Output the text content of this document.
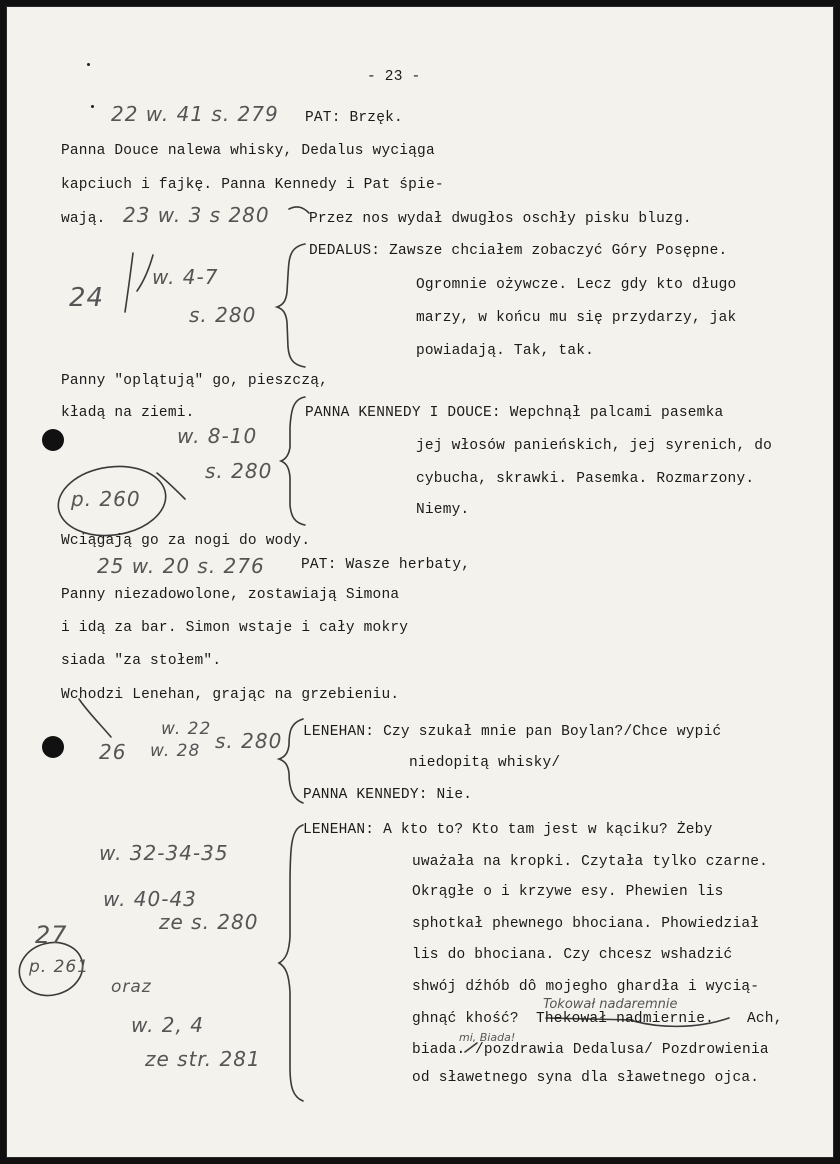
- 23 -
PAT: Brzęk.
Panna Douce nalewa whisky, Dedalus wyciąga
kapciuch i fajkę. Panna Kennedy i Pat śpie-
wają.	Przez nos wydał dwugłos oschły pisku bluzg.
DEDALUS: Zawsze chciałem zobaczyć Góry Posępne.
Ogromnie ożywcze. Lecz gdy kto długo
marzy, w końcu mu się przydarzy, jak
powiadają. Tak, tak.
Panny "oplątują" go, pieszczą,
kładą na ziemi.	PANNA KENNEDY I DOUCE: Wepchnął palcami pasemka
jej włosów panieńskich, jej syrenich, do
cybucha, skrawki. Pasemka. Rozmarzony.
Niemy.
Wciągają go za nogi do wody.
PAT: Wasze herbaty,
Panny niezadowolone, zostawiają Simona
i idą za bar. Simon wstaje i cały mokry
siada "za stołem".
Wchodzi Lenehan, grając na grzebieniu.
LENEHAN: Czy szukał mnie pan Boylan?/Chce wypić
niedopitą whisky/
PANNA KENNEDY: Nie.
LENEHAN: A kto to? Kto tam jest w kąciku? Żeby
uważała na kropki. Czytała tylko czarne.
Okrągłe o i krzywe esy. Phewien lis
sphotkał phewnego bhociana. Phowiedział
lis do bhociana. Czy chcesz wshadzić
shwój dźhób dô mojegho ghardła i wycią-
ghnąć khość? Thekował nadmiernie. Ach,
biada. /pozdrawia Dedalusa/ Pozdrowienia
od sławetnego syna dla sławetnego ojca.
22 w. 41 s. 279
23 w. 3 s 280
24
w. 4-7
s. 280
w. 8-10
s. 280
p. 260
25 w. 20 s. 276
w. 22
26 w. 28 s. 280
w. 32-34-35
w. 40-43
ze s. 280
27
p. 261
oraz
w. 2, 4
ze str. 281
Tokował nadaremnie
mi, Biada!
